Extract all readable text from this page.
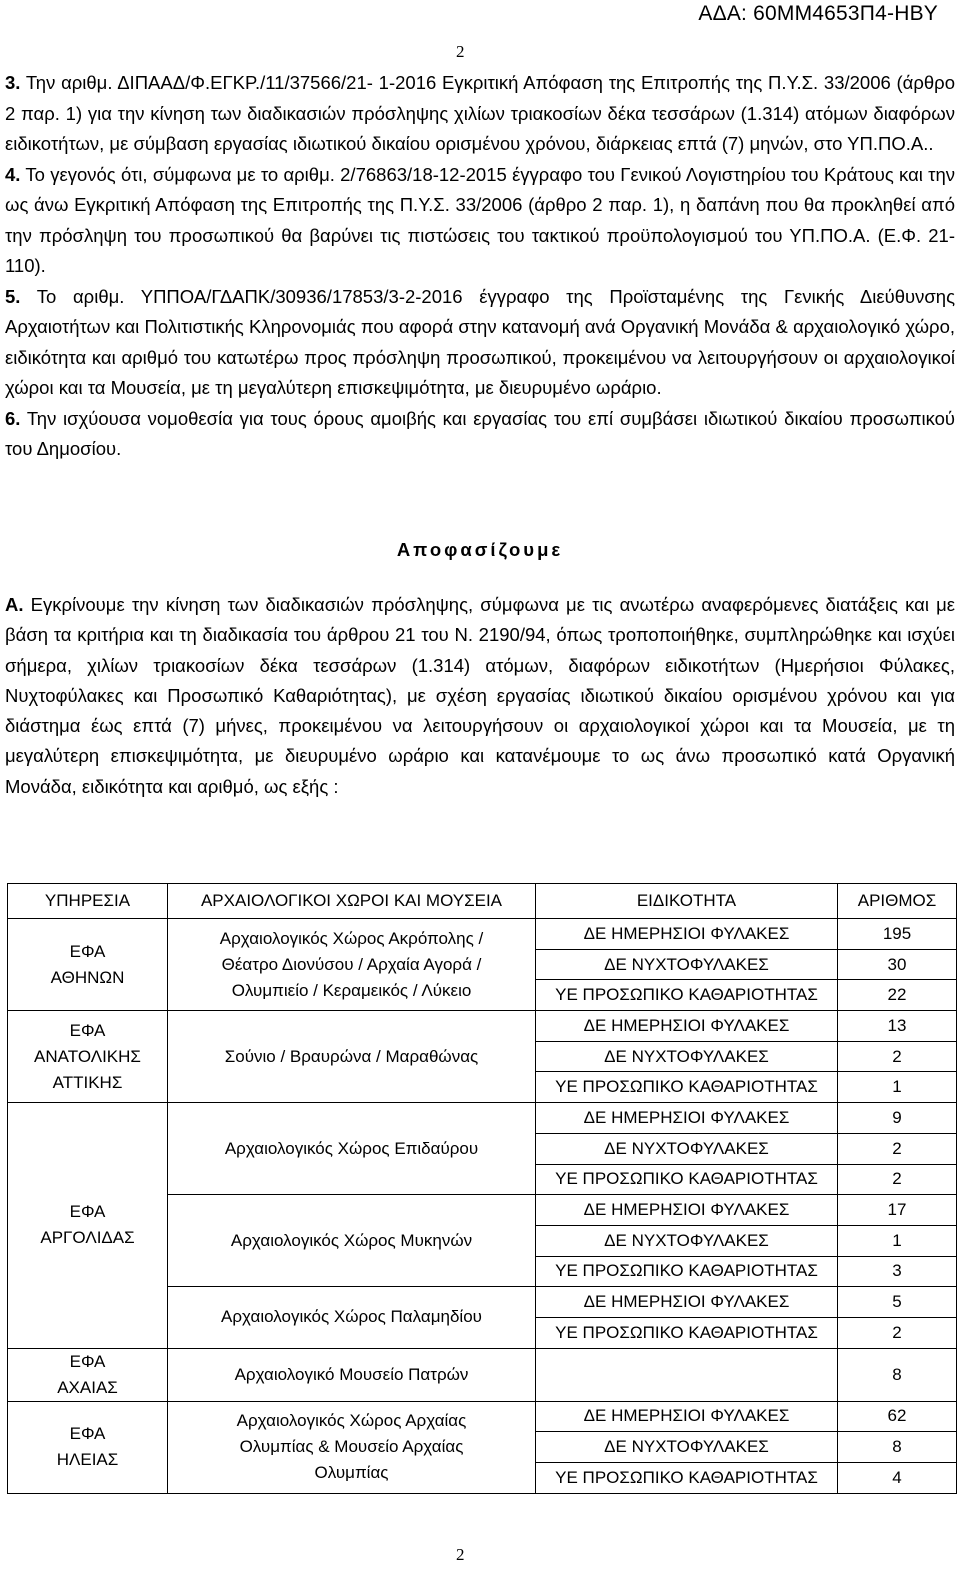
ΑΔΑ: 60ΜΜ4653Π4-ΗΒΥ
2

3. Την αριθμ. ΔΙΠΑΑΔ/Φ.ΕΓΚΡ./11/37566/21- 1-2016 Εγκριτική Απόφαση της Επιτροπής της Π.Υ.Σ. 33/2006 (άρθρο 2 παρ. 1) για την κίνηση των διαδικασιών πρόσληψης χιλίων τριακοσίων δέκα τεσσάρων (1.314) ατόμων διαφόρων ειδικοτήτων, με σύμβαση εργασίας ιδιωτικού δικαίου ορισμένου χρόνου, διάρκειας επτά (7) μηνών, στο ΥΠ.ΠΟ.Α..

4. Το γεγονός ότι, σύμφωνα με το αριθμ. 2/76863/18-12-2015 έγγραφο του Γενικού Λογιστηρίου του Κράτους και την ως άνω Εγκριτική Απόφαση της Επιτροπής της Π.Υ.Σ. 33/2006 (άρθρο 2 παρ. 1), η δαπάνη που θα προκληθεί από την πρόσληψη του προσωπικού θα βαρύνει τις πιστώσεις του τακτικού προϋπολογισμού του ΥΠ.ΠΟ.Α. (Ε.Φ. 21-110).

5. Το αριθμ. ΥΠΠΟΑ/ΓΔΑΠΚ/30936/17853/3-2-2016 έγγραφο της Προϊσταμένης της Γενικής Διεύθυνσης Αρχαιοτήτων και Πολιτιστικής Κληρονομιάς που αφορά στην κατανομή ανά Οργανική Μονάδα & αρχαιολογικό χώρο, ειδικότητα και αριθμό του κατωτέρω προς πρόσληψη προσωπικού, προκειμένου να λειτουργήσουν οι αρχαιολογικοί χώροι και τα Μουσεία, με τη μεγαλύτερη επισκεψιμότητα, με διευρυμένο ωράριο.

6. Την ισχύουσα νομοθεσία για τους όρους αμοιβής και εργασίας του επί συμβάσει ιδιωτικού δικαίου προσωπικού του Δημοσίου.

Αποφασίζουμε

Α. Εγκρίνουμε την κίνηση των διαδικασιών πρόσληψης, σύμφωνα με τις ανωτέρω αναφερόμενες διατάξεις και με βάση τα κριτήρια και τη διαδικασία του άρθρου 21 του Ν. 2190/94, όπως τροποποιήθηκε, συμπληρώθηκε και ισχύει σήμερα, χιλίων τριακοσίων δέκα τεσσάρων (1.314) ατόμων, διαφόρων ειδικοτήτων (Ημερήσιοι Φύλακες, Νυχτοφύλακες και Προσωπικό Καθαριότητας), με σχέση εργασίας ιδιωτικού δικαίου ορισμένου χρόνου και για διάστημα έως επτά (7) μήνες, προκειμένου να λειτουργήσουν οι αρχαιολογικοί χώροι και τα Μουσεία, με τη μεγαλύτερη επισκεψιμότητα, με διευρυμένο ωράριο και κατανέμουμε το ως άνω προσωπικό κατά Οργανική Μονάδα, ειδικότητα και αριθμό, ως εξής :

ΥΠΗΡΕΣΙΑ	ΑΡΧΑΙΟΛΟΓΙΚΟΙ ΧΩΡΟΙ ΚΑΙ ΜΟΥΣΕΙΑ	ΕΙΔΙΚΟΤΗΤΑ	ΑΡΙΘΜΟΣ
ΕΦΑ
ΑΘΗΝΩΝ	Αρχαιολογικός Χώρος Ακρόπολης /
Θέατρο Διονύσου / Αρχαία Αγορά /
Ολυμπιείο / Κεραμεικός / Λύκειο	ΔΕ ΗΜΕΡΗΣΙΟΙ ΦΥΛΑΚΕΣ	195
		ΔΕ ΝΥΧΤΟΦΥΛΑΚΕΣ	30
		ΥΕ ΠΡΟΣΩΠΙΚΟ ΚΑΘΑΡΙΟΤΗΤΑΣ	22
ΕΦΑ
ΑΝΑΤΟΛΙΚΗΣ
ΑΤΤΙΚΗΣ	Σούνιο / Βραυρώνα / Μαραθώνας	ΔΕ ΗΜΕΡΗΣΙΟΙ ΦΥΛΑΚΕΣ	13
		ΔΕ ΝΥΧΤΟΦΥΛΑΚΕΣ	2
		ΥΕ ΠΡΟΣΩΠΙΚΟ ΚΑΘΑΡΙΟΤΗΤΑΣ	1
ΕΦΑ
ΑΡΓΟΛΙΔΑΣ	Αρχαιολογικός Χώρος Επιδαύρου	ΔΕ ΗΜΕΡΗΣΙΟΙ ΦΥΛΑΚΕΣ	9
		ΔΕ ΝΥΧΤΟΦΥΛΑΚΕΣ	2
		ΥΕ ΠΡΟΣΩΠΙΚΟ ΚΑΘΑΡΙΟΤΗΤΑΣ	2
	Αρχαιολογικός Χώρος Μυκηνών	ΔΕ ΗΜΕΡΗΣΙΟΙ ΦΥΛΑΚΕΣ	17
		ΔΕ ΝΥΧΤΟΦΥΛΑΚΕΣ	1
		ΥΕ ΠΡΟΣΩΠΙΚΟ ΚΑΘΑΡΙΟΤΗΤΑΣ	3
	Αρχαιολογικός Χώρος Παλαμηδίου	ΔΕ ΗΜΕΡΗΣΙΟΙ ΦΥΛΑΚΕΣ	5
		ΥΕ ΠΡΟΣΩΠΙΚΟ ΚΑΘΑΡΙΟΤΗΤΑΣ	2
ΕΦΑ
ΑΧΑΙΑΣ	Αρχαιολογικό Μουσείο Πατρών		8
ΕΦΑ
ΗΛΕΙΑΣ	Αρχαιολογικός Χώρος Αρχαίας
Ολυμπίας & Μουσείο Αρχαίας
Ολυμπίας	ΔΕ ΗΜΕΡΗΣΙΟΙ ΦΥΛΑΚΕΣ	62
		ΔΕ ΝΥΧΤΟΦΥΛΑΚΕΣ	8
		ΥΕ ΠΡΟΣΩΠΙΚΟ ΚΑΘΑΡΙΟΤΗΤΑΣ	4
2
